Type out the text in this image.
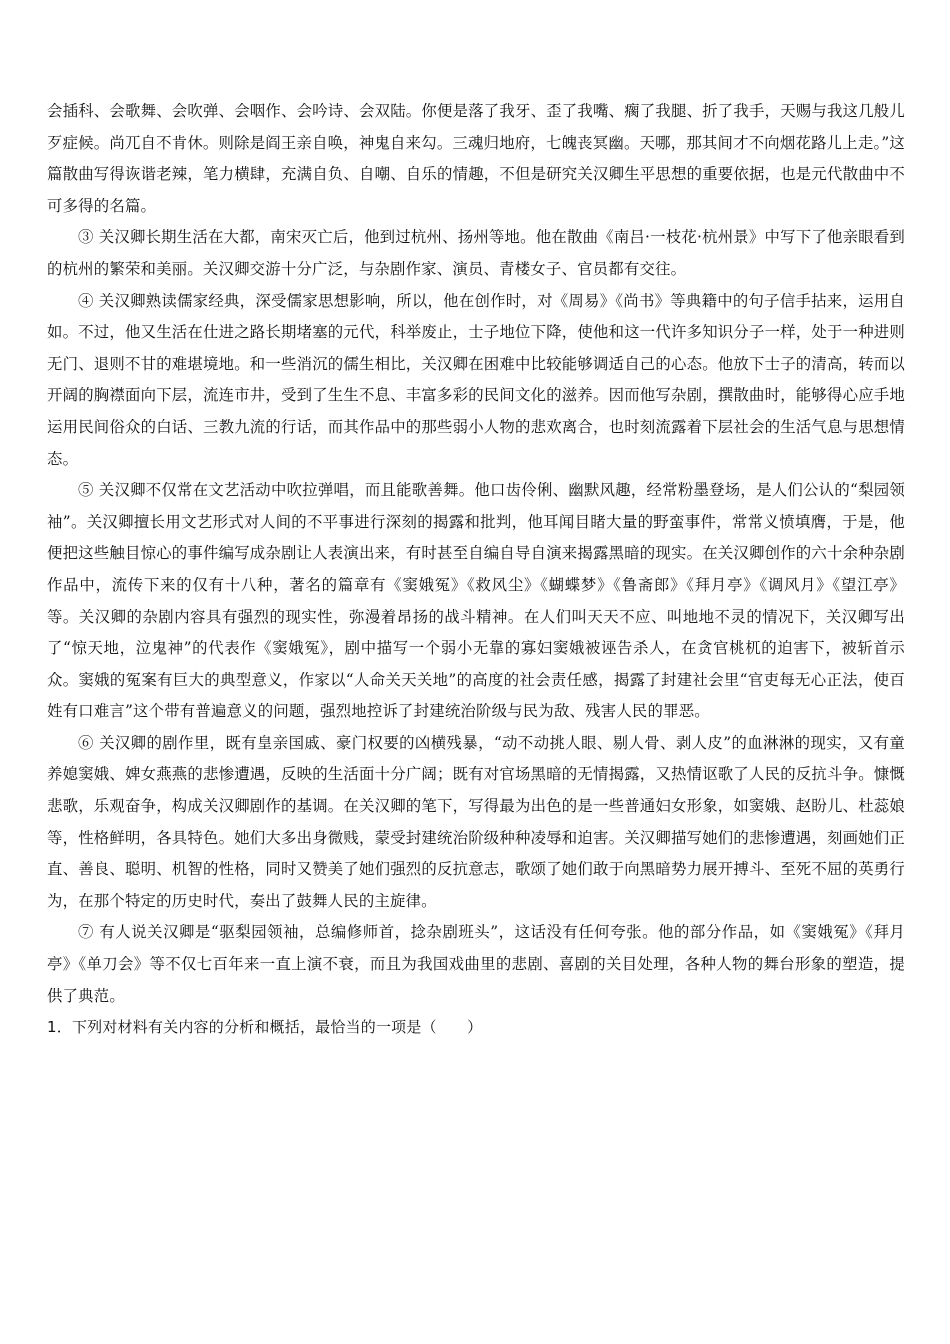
会插科、会歌舞、会吹弹、会咽作、会吟诗、会双陆。你便是落了我牙、歪了我嘴、瘸了我腿、折了我手，天赐与我这几般儿歹症候。尚兀自不肯休。则除是阎王亲自唤，神鬼自来勾。三魂归地府，七魄丧冥幽。天哪，那其间才不向烟花路儿上走。”这篇散曲写得诙谐老辣，笔力横肆，充满自负、自嘲、自乐的情趣，不但是研究关汉卿生平思想的重要依据，也是元代散曲中不可多得的名篇。

③ 关汉卿长期生活在大都，南宋灭亡后，他到过杭州、扬州等地。他在散曲《南吕·一枝花·杭州景》中写下了他亲眼看到的杭州的繁荣和美丽。关汉卿交游十分广泛，与杂剧作家、演员、青楼女子、官员都有交往。

④ 关汉卿熟读儒家经典，深受儒家思想影响，所以，他在创作时，对《周易》《尚书》等典籍中的句子信手拈来，运用自如。不过，他又生活在仕进之路长期堵塞的元代，科举废止，士子地位下降，使他和这一代许多知识分子一样，处于一种进则无门、退则不甘的难堪境地。和一些消沉的儒生相比，关汉卿在困难中比较能够调适自己的心态。他放下士子的清高，转而以开阔的胸襟面向下层，流连市井，受到了生生不息、丰富多彩的民间文化的滋养。因而他写杂剧，撰散曲时，能够得心应手地运用民间俗众的白话、三教九流的行话，而其作品中的那些弱小人物的悲欢离合，也时刻流露着下层社会的生活气息与思想情态。

⑤ 关汉卿不仅常在文艺活动中吹拉弹唱，而且能歌善舞。他口齿伶俐、幽默风趣，经常粉墨登场，是人们公认的“梨园领袖”。关汉卿擅长用文艺形式对人间的不平事进行深刻的揭露和批判，他耳闻目睹大量的野蛮事件，常常义愤填膺，于是，他便把这些触目惊心的事件编写成杂剧让人表演出来，有时甚至自编自导自演来揭露黑暗的现实。在关汉卿创作的六十余种杂剧作品中，流传下来的仅有十八种，著名的篇章有《窦娥冤》《救风尘》《蝴蝶梦》《鲁斋郎》《拜月亭》《调风月》《望江亭》等。关汉卿的杂剧内容具有强烈的现实性，弥漫着昂扬的战斗精神。在人们叫天天不应、叫地地不灵的情况下，关汉卿写出了“惊天地，泣鬼神”的代表作《窦娥冤》，剧中描写一个弱小无靠的寡妇窦娥被诬告杀人，在贪官桃杌的迫害下，被斩首示众。窦娥的冤案有巨大的典型意义，作家以“人命关天关地”的高度的社会责任感，揭露了封建社会里“官吏每无心正法，使百姓有口难言”这个带有普遍意义的问题，强烈地控诉了封建统治阶级与民为敌、残害人民的罪恶。

⑥ 关汉卿的剧作里，既有皇亲国戚、豪门权要的凶横残暴，“动不动挑人眼、剔人骨、剥人皮”的血淋淋的现实，又有童养媳窦娥、婢女燕燕的悲惨遭遇，反映的生活面十分广阔；既有对官场黑暗的无情揭露，又热情讴歌了人民的反抗斗争。慷慨悲歌，乐观奋争，构成关汉卿剧作的基调。在关汉卿的笔下，写得最为出色的是一些普通妇女形象，如窦娥、赵盼儿、杜蕊娘等，性格鲜明，各具特色。她们大多出身微贱，蒙受封建统治阶级种种凌辱和迫害。关汉卿描写她们的悲惨遭遇，刻画她们正直、善良、聪明、机智的性格，同时又赞美了她们强烈的反抗意志，歌颂了她们敢于向黑暗势力展开搏斗、至死不屈的英勇行为，在那个特定的历史时代，奏出了鼓舞人民的主旋律。

⑦ 有人说关汉卿是“驱梨园领袖，总编修师首，捻杂剧班头”，这话没有任何夸张。他的部分作品，如《窦娥冤》《拜月亭》《单刀会》等不仅七百年来一直上演不衰，而且为我国戏曲里的悲剧、喜剧的关目处理，各种人物的舞台形象的塑造，提供了典范。

1．下列对材料有关内容的分析和概括，最恰当的一项是（　　）
